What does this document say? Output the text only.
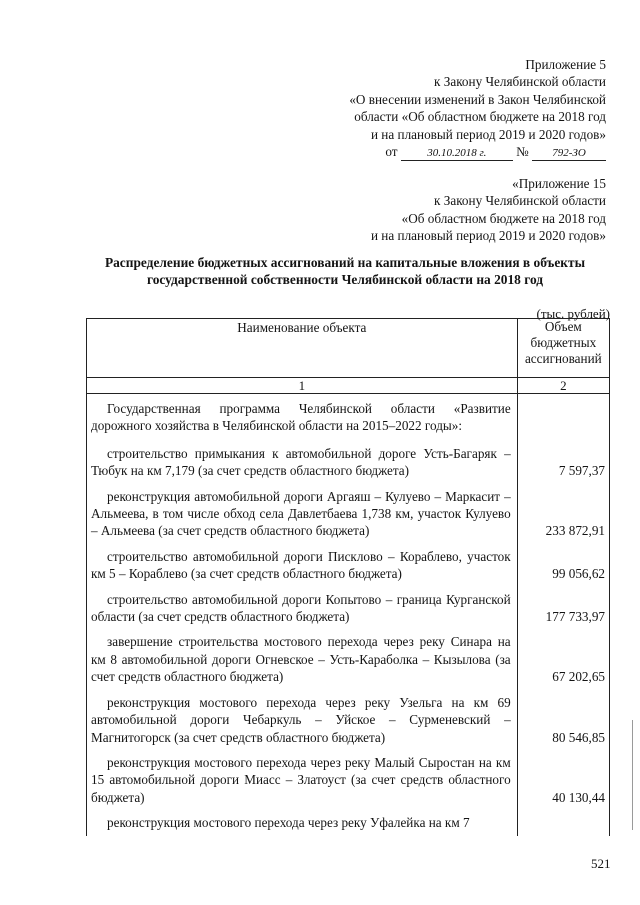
Приложение 5
к Закону Челябинской области
«О внесении изменений в Закон Челябинской
области «Об областном бюджете на 2018 год
и на плановый период 2019 и 2020 годов»
от	30.10.2018 г. № 792-ЗО
«Приложение 15
к Закону Челябинской области
«Об областном бюджете на 2018 год
и на плановый период 2019 и 2020 годов»
Распределение бюджетных ассигнований на капитальные вложения в объекты
государственной собственности Челябинской области на 2018 год
(тыс. рублей)
Наименование объекта	Объем
бюджетных
ассигнований

1	2
Государственная программа Челябинской области «Развитие дорожного хозяйства в Челябинской области на 2015–2022 годы»:	
строительство примыкания к автомобильной дороге Усть-Багаряк – Тюбук на км 7,179 (за счет средств областного бюджета)	7 597,37
реконструкция автомобильной дороги Аргаяш – Кулуево – Маркасит – Альмеева, в том числе обход села Давлетбаева 1,738 км, участок Кулуево – Альмеева (за счет средств областного бюджета)	233 872,91
строительство автомобильной дороги Писклово – Кораблево, участок км 5 – Кораблево (за счет средств областного бюджета)	99 056,62
строительство автомобильной дороги Копытово – граница Курганской области (за счет средств областного бюджета)	177 733,97
завершение строительства мостового перехода через реку Синара на км 8 автомобильной дороги Огневское – Усть-Караболка – Кызылова (за счет средств областного бюджета)	67 202,65
реконструкция мостового перехода через реку Узельга на км 69 автомобильной дороги Чебаркуль – Уйское – Сурменевский – Магнитогорск (за счет средств областного бюджета)	80 546,85
реконструкция мостового перехода через реку Малый Сыростан на км 15 автомобильной дороги Миасс – Златоуст (за счет средств областного бюджета)	40 130,44
реконструкция мостового перехода через реку Уфалейка на км 7	
521
